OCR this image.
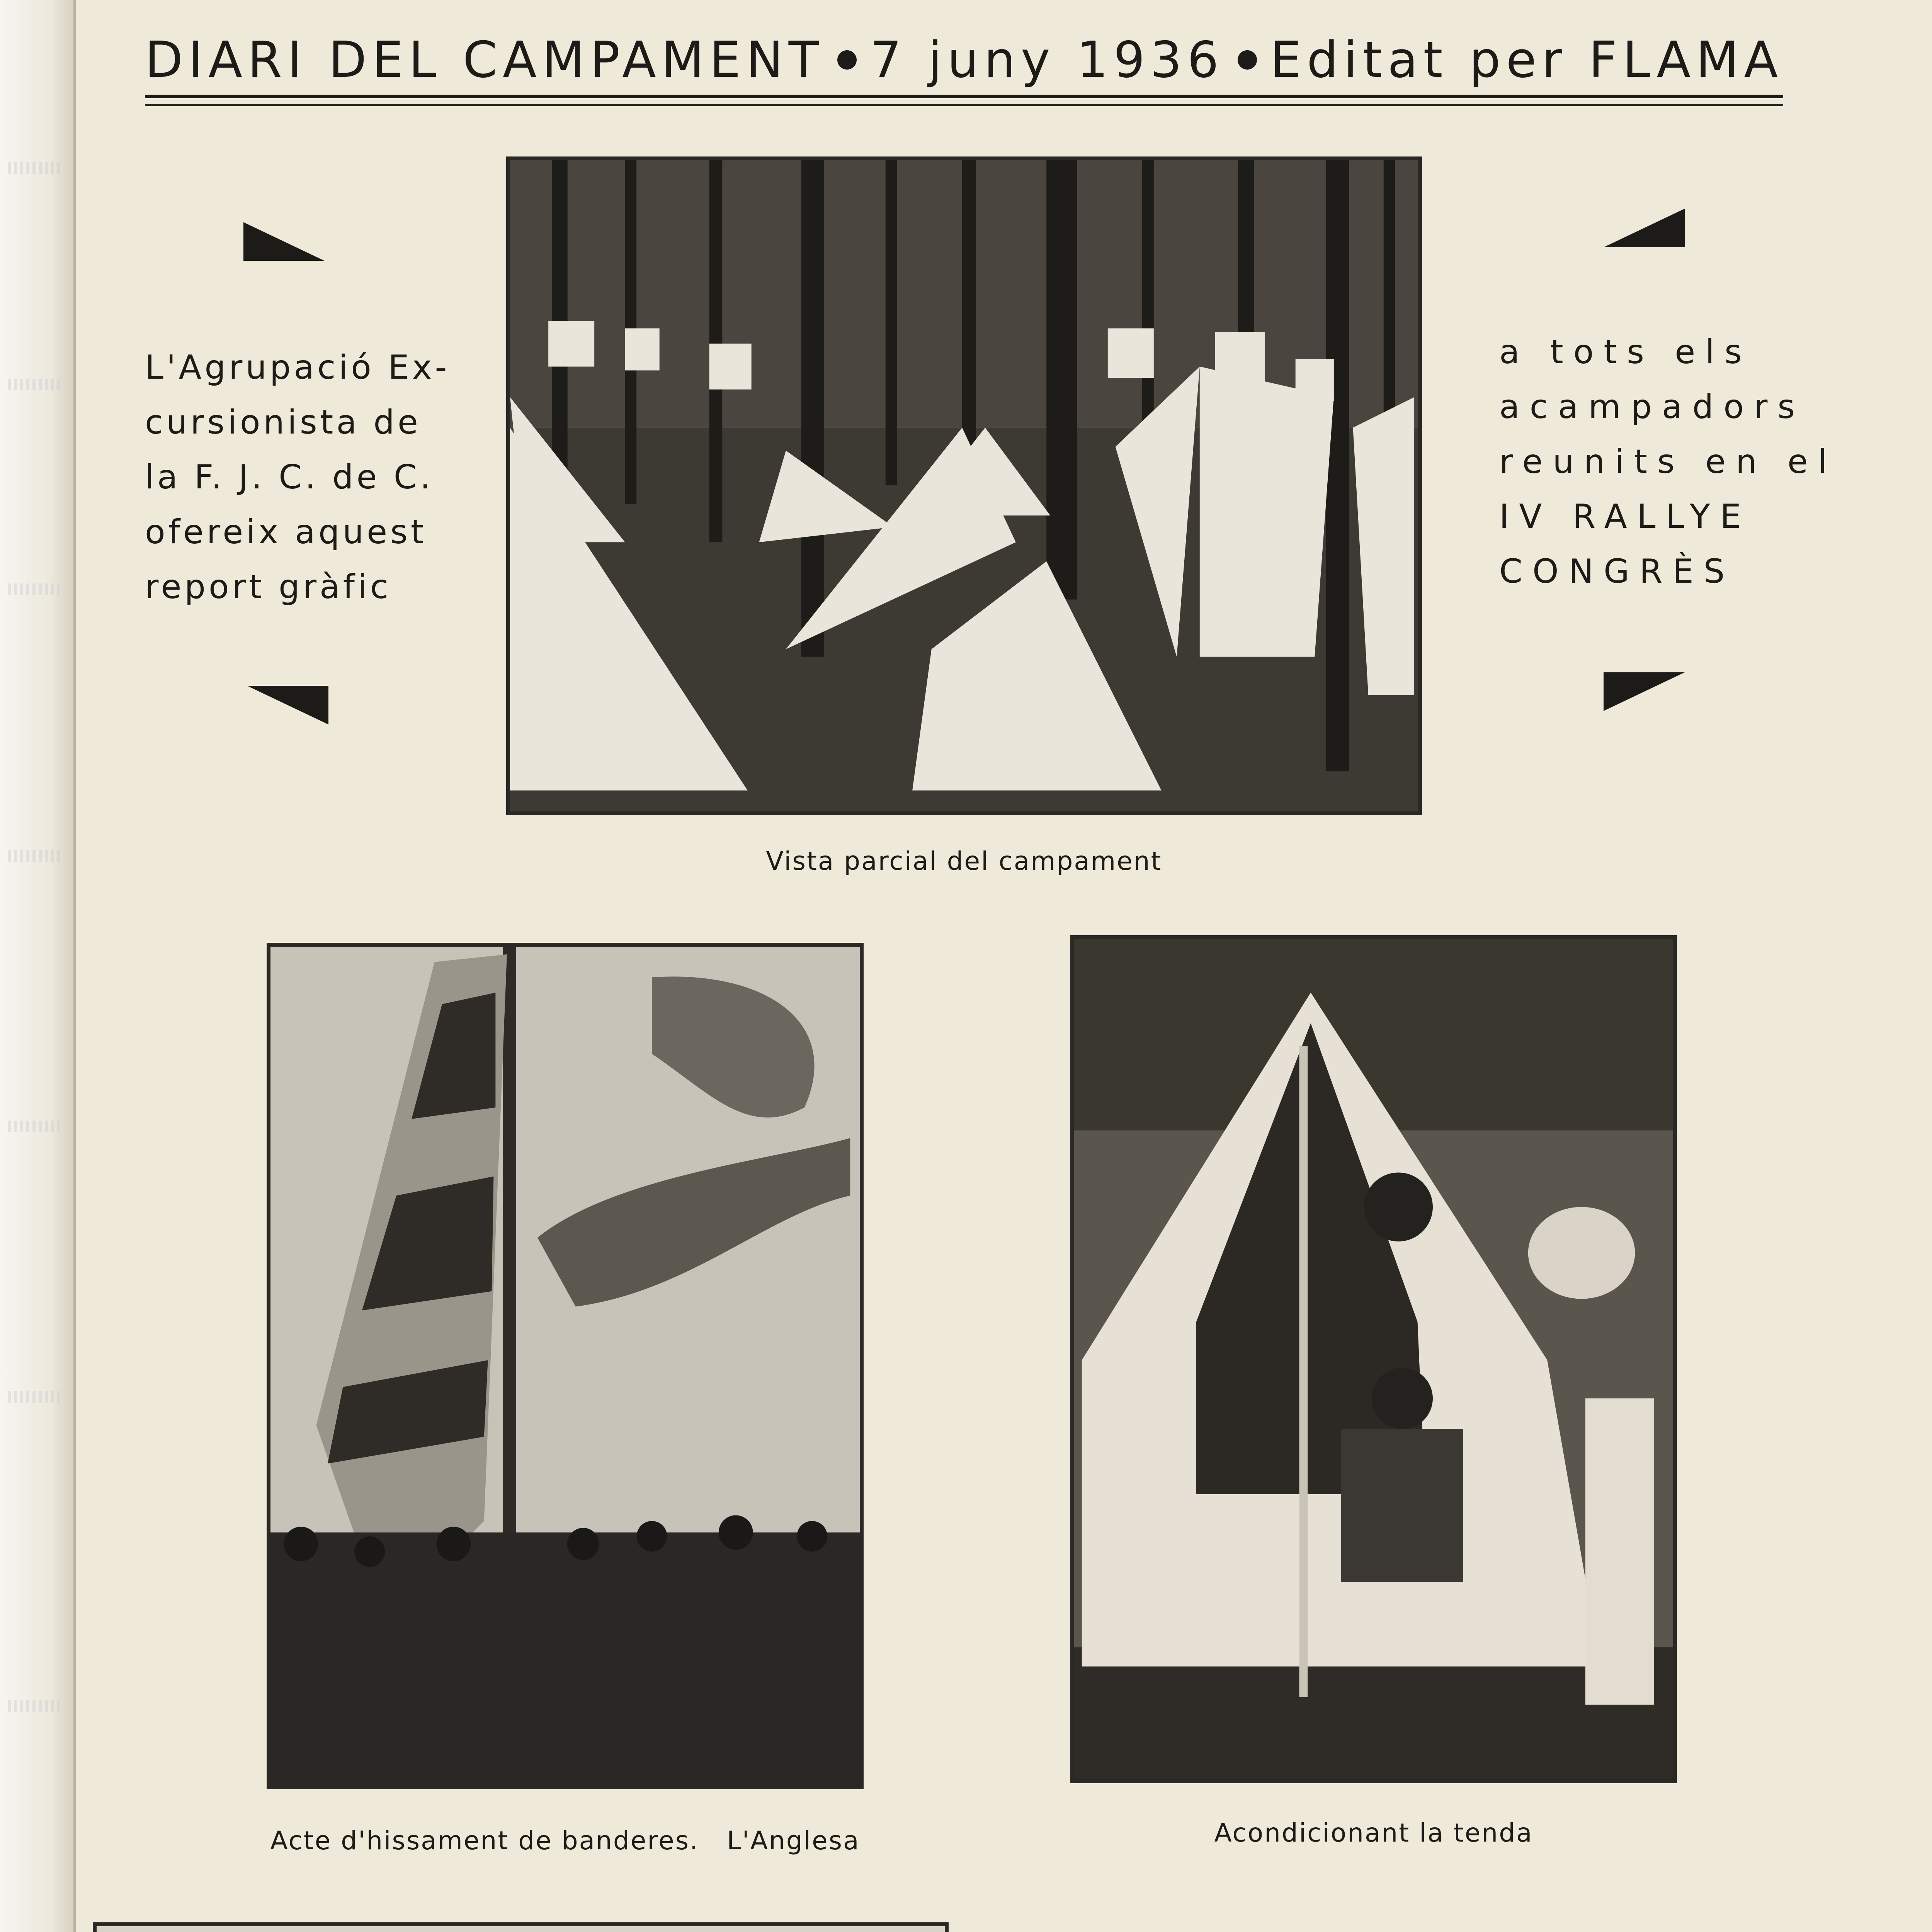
DIARI DEL CAMPAMENT 7 juny 1936 Editat per FLAMA
L'Agrupació Ex-
cursionista de
la F. J. C. de C.
ofereix aquest
report gràfic
a tots els
acampadors
reunits en el
IV RALLYE
CONGRÈS
Vista parcial del campament
Acte d'hissament de banderes.   L'Anglesa	Acondicionant la tenda
